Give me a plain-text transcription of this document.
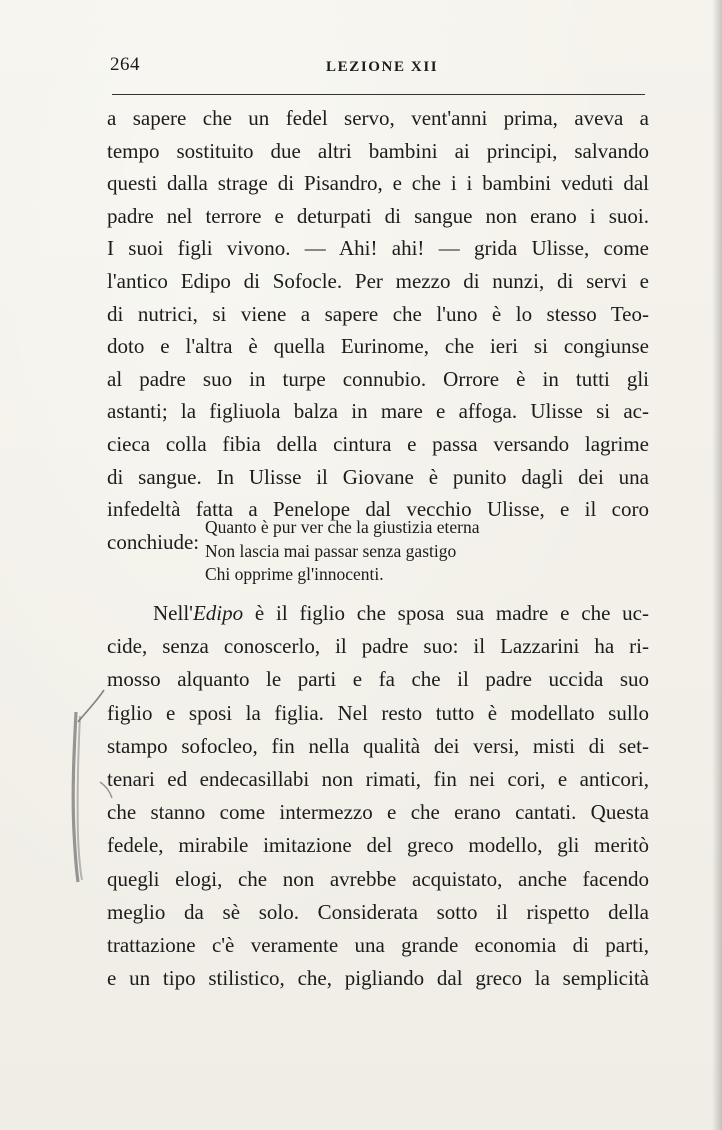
264	LEZIONE XII
a sapere che un fedel servo, vent'anni prima, aveva a
tempo sostituito due altri bambini ai principi, salvando
questi dalla strage di Pisandro, e che i i bambini veduti dal
padre nel terrore e deturpati di sangue non erano i suoi.
I suoi figli vivono. — Ahi! ahi! — grida Ulisse, come
l'antico Edipo di Sofocle. Per mezzo di nunzi, di servi e
di nutrici, si viene a sapere che l'uno è lo stesso Teo-
doto e l'altra è quella Eurinome, che ieri si congiunse
al padre suo in turpe connubio. Orrore è in tutti gli
astanti; la figliuola balza in mare e affoga. Ulisse si ac-
cieca colla fibia della cintura e passa versando lagrime
di sangue. In Ulisse il Giovane è punito dagli dei una
infedeltà fatta a Penelope dal vecchio Ulisse, e il coro
conchiude:
Quanto è pur ver che la giustizia eterna
Non lascia mai passar senza gastigo
Chi opprime gl'innocenti.
Nell'Edipo è il figlio che sposa sua madre e che uc-
cide, senza conoscerlo, il padre suo: il Lazzarini ha ri-
mosso alquanto le parti e fa che il padre uccida suo
figlio e sposi la figlia. Nel resto tutto è modellato sullo
stampo sofocleo, fin nella qualità dei versi, misti di set-
tenari ed endecasillabi non rimati, fin nei cori, e anticori,
che stanno come intermezzo e che erano cantati. Questa
fedele, mirabile imitazione del greco modello, gli meritò
quegli elogi, che non avrebbe acquistato, anche facendo
meglio da sè solo. Considerata sotto il rispetto della
trattazione c'è veramente una grande economia di parti,
e un tipo stilistico, che, pigliando dal greco la semplicità
